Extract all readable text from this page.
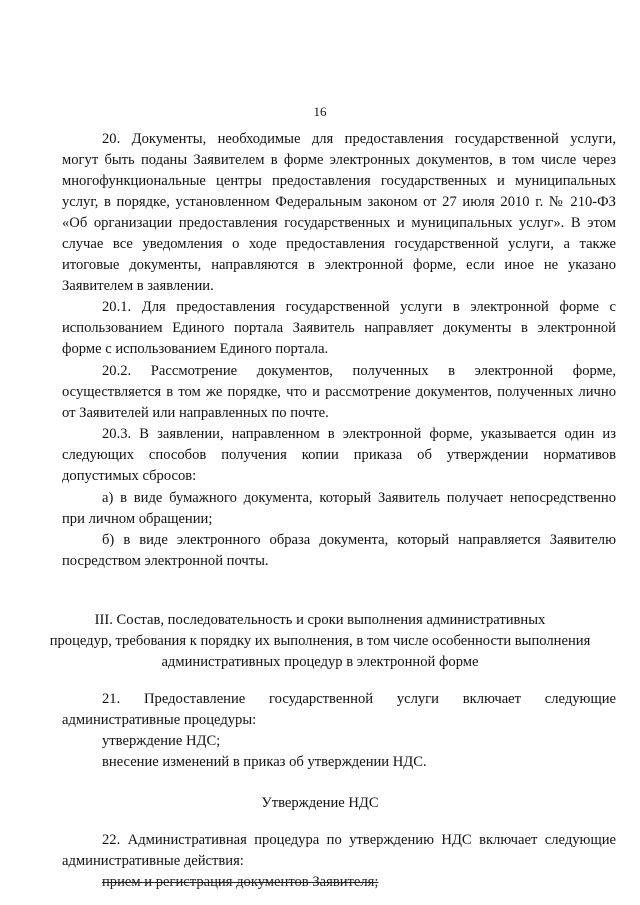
16
20. Документы, необходимые для предоставления государственной услуги,
могут быть поданы Заявителем в форме электронных документов, в том числе через
многофункциональные центры предоставления государственных и муниципальных
услуг, в порядке, установленном Федеральным законом от 27 июля 2010 г. № 210-ФЗ
«Об организации предоставления государственных и муниципальных услуг». В этом
случае все уведомления о ходе предоставления государственной услуги, а также
итоговые документы, направляются в электронной форме, если иное не указано
Заявителем в заявлении.
20.1. Для предоставления государственной услуги в электронной форме с
использованием Единого портала Заявитель направляет документы в электронной
форме с использованием Единого портала.
20.2. Рассмотрение документов, полученных в электронной форме,
осуществляется в том же порядке, что и рассмотрение документов, полученных лично
от Заявителей или направленных по почте.
20.3. В заявлении, направленном в электронной форме, указывается один из
следующих способов получения копии приказа об утверждении нормативов
допустимых сбросов:
а) в виде бумажного документа, который Заявитель получает непосредственно
при личном обращении;
б) в виде электронного образа документа, который направляется Заявителю
посредством электронной почты.
III. Состав, последовательность и сроки выполнения административных
процедур, требования к порядку их выполнения, в том числе особенности выполнения
административных процедур в электронной форме
21. Предоставление государственной услуги включает следующие
административные процедуры:
утверждение НДС;
внесение изменений в приказ об утверждении НДС.
Утверждение НДС
22. Административная процедура по утверждению НДС включает следующие
административные действия:
прием и регистрация документов Заявителя;
